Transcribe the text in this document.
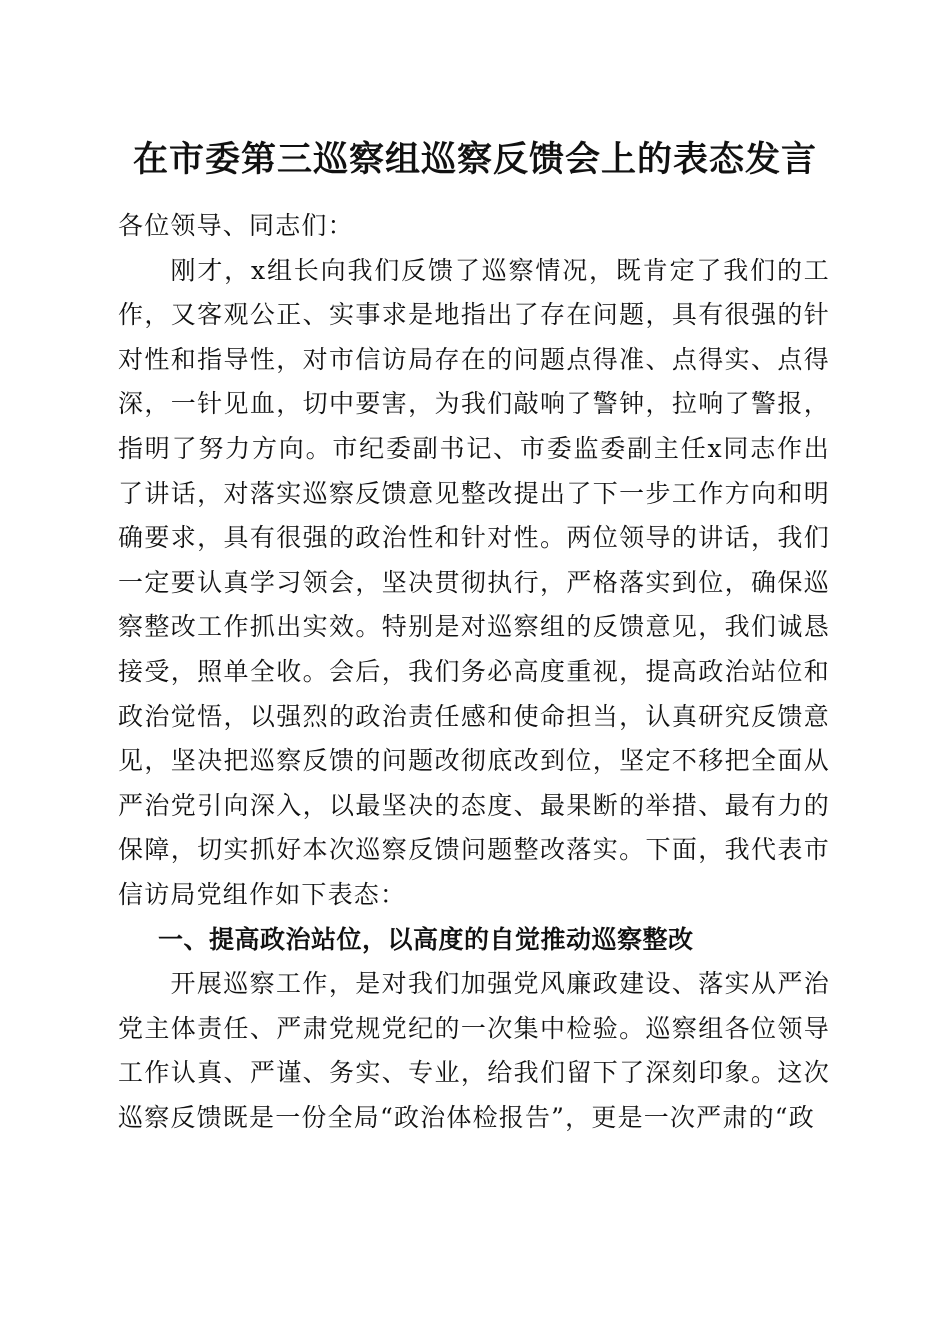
在市委第三巡察组巡察反馈会上的表态发言

各位领导、同志们：

刚才，x组长向我们反馈了巡察情况，既肯定了我们的工作，又客观公正、实事求是地指出了存在问题，具有很强的针对性和指导性，对市信访局存在的问题点得准、点得实、点得深，一针见血，切中要害，为我们敲响了警钟，拉响了警报，指明了努力方向。市纪委副书记、市委监委副主任x同志作出了讲话，对落实巡察反馈意见整改提出了下一步工作方向和明确要求，具有很强的政治性和针对性。两位领导的讲话，我们一定要认真学习领会，坚决贯彻执行，严格落实到位，确保巡察整改工作抓出实效。特别是对巡察组的反馈意见，我们诚恳接受，照单全收。会后，我们务必高度重视，提高政治站位和政治觉悟，以强烈的政治责任感和使命担当，认真研究反馈意见，坚决把巡察反馈的问题改彻底改到位，坚定不移把全面从严治党引向深入，以最坚决的态度、最果断的举措、最有力的保障，切实抓好本次巡察反馈问题整改落实。下面，我代表市信访局党组作如下表态：

一、提高政治站位，以高度的自觉推动巡察整改

开展巡察工作，是对我们加强党风廉政建设、落实从严治党主体责任、严肃党规党纪的一次集中检验。巡察组各位领导工作认真、严谨、务实、专业，给我们留下了深刻印象。这次巡察反馈既是一份全局“政治体检报告”，更是一次严肃的“政
